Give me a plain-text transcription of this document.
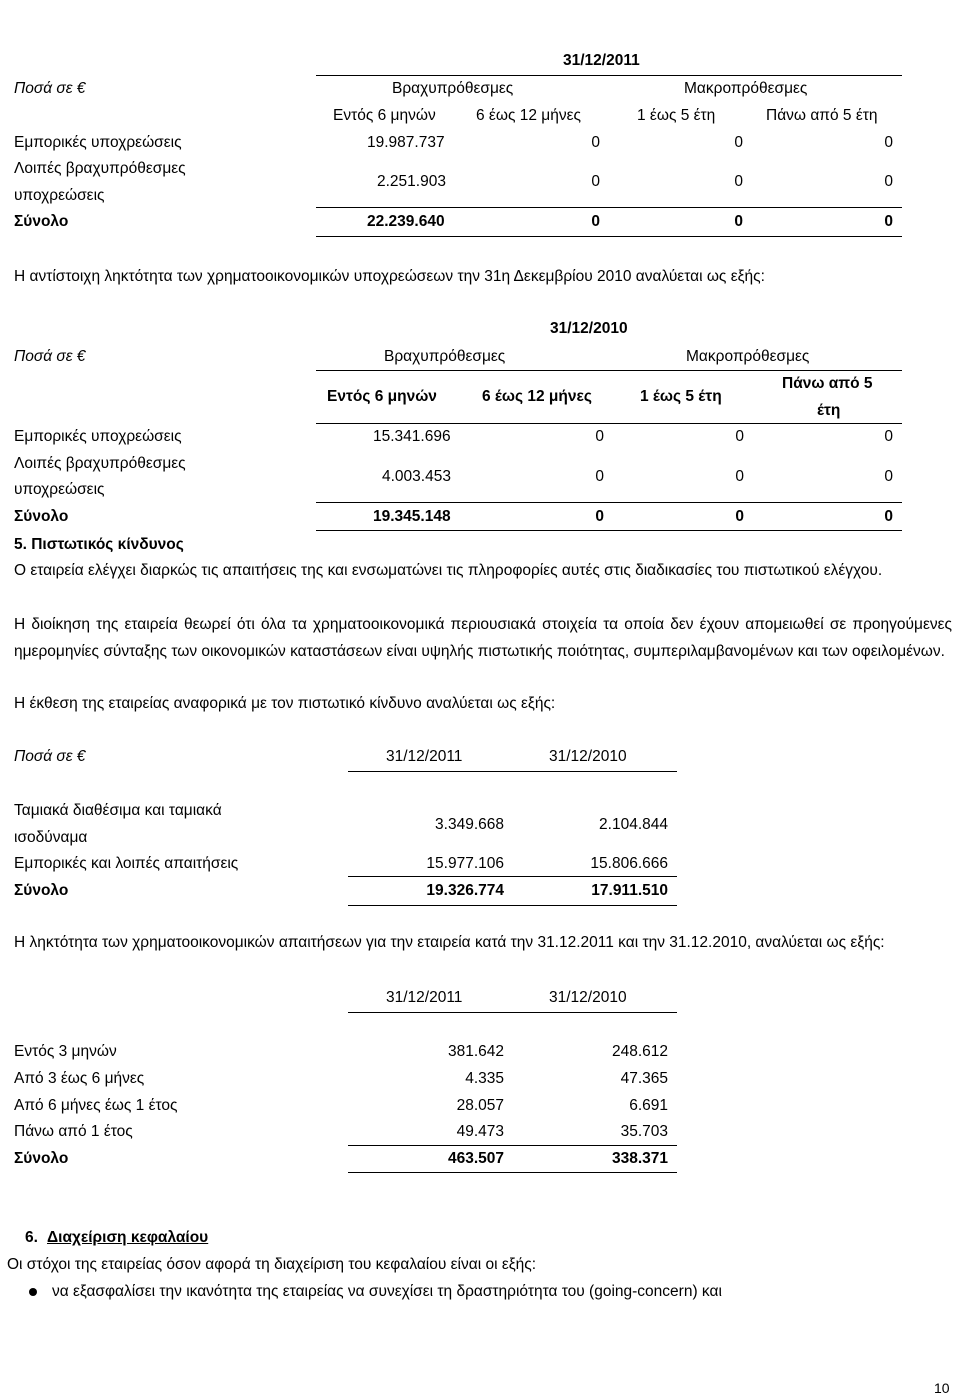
31/12/2011
Ποσά σε €	Βραχυπρόθεσμες	Μακροπρόθεσμες
Εντός 6 μηνών	6 έως 12 μήνες	1 έως 5 έτη	Πάνω από 5 έτη
Εμπορικές υποχρεώσεις	19.987.737	0	0	0
Λοιπές βραχυπρόθεσμες
υποχρεώσεις
2.251.903	0	0	0
Σύνολο	22.239.640	0	0	0
Η αντίστοιχη ληκτότητα των χρηματοοικονομικών υποχρεώσεων την 31η Δεκεμβρίου 2010 αναλύεται ως εξής:
31/12/2010
Ποσά σε €	Βραχυπρόθεσμες	Μακροπρόθεσμες
Εντός 6 μηνών	6 έως 12 μήνες	1 έως 5 έτη
Πάνω από 5
έτη
Εμπορικές υποχρεώσεις	15.341.696	0	0	0
Λοιπές βραχυπρόθεσμες
υποχρεώσεις
4.003.453	0	0	0
Σύνολο	19.345.148	0	0	0
5. Πιστωτικός κίνδυνος
Ο εταιρεία ελέγχει διαρκώς τις απαιτήσεις της και ενσωματώνει τις πληροφορίες αυτές στις διαδικασίες του πιστωτικού ελέγχου.
Η διοίκηση της εταιρεία θεωρεί ότι όλα τα χρηματοοικονομικά περιουσιακά στοιχεία τα οποία δεν έχουν απομειωθεί σε προηγούμενες ημερομηνίες σύνταξης των οικονομικών καταστάσεων είναι υψηλής πιστωτικής ποιότητας, συμπεριλαμβανομένων και των οφειλομένων.
Η έκθεση της εταιρείας αναφορικά με τον πιστωτικό κίνδυνο αναλύεται ως εξής:
Ποσά σε €	31/12/2011	31/12/2010
Ταμιακά διαθέσιμα και ταμιακά
ισοδύναμα
3.349.668	2.104.844
Εμπορικές και λοιπές απαιτήσεις	15.977.106	15.806.666
Σύνολο	19.326.774	17.911.510
Η ληκτότητα των χρηματοοικονομικών απαιτήσεων για την εταιρεία κατά την 31.12.2011 και την 31.12.2010, αναλύεται ως εξής:
31/12/2011	31/12/2010
Εντός 3 μηνών	381.642	248.612
Από 3 έως 6 μήνες	4.335	47.365
Από 6 μήνες έως 1 έτος	28.057	6.691
Πάνω από 1 έτος	49.473	35.703
Σύνολο	463.507	338.371
6. Διαχείριση κεφαλαίου
Οι στόχοι της εταιρείας όσον αφορά τη διαχείριση του κεφαλαίου είναι οι εξής:
να εξασφαλίσει την ικανότητα της εταιρείας να συνεχίσει τη δραστηριότητα του (going-concern) και
10
